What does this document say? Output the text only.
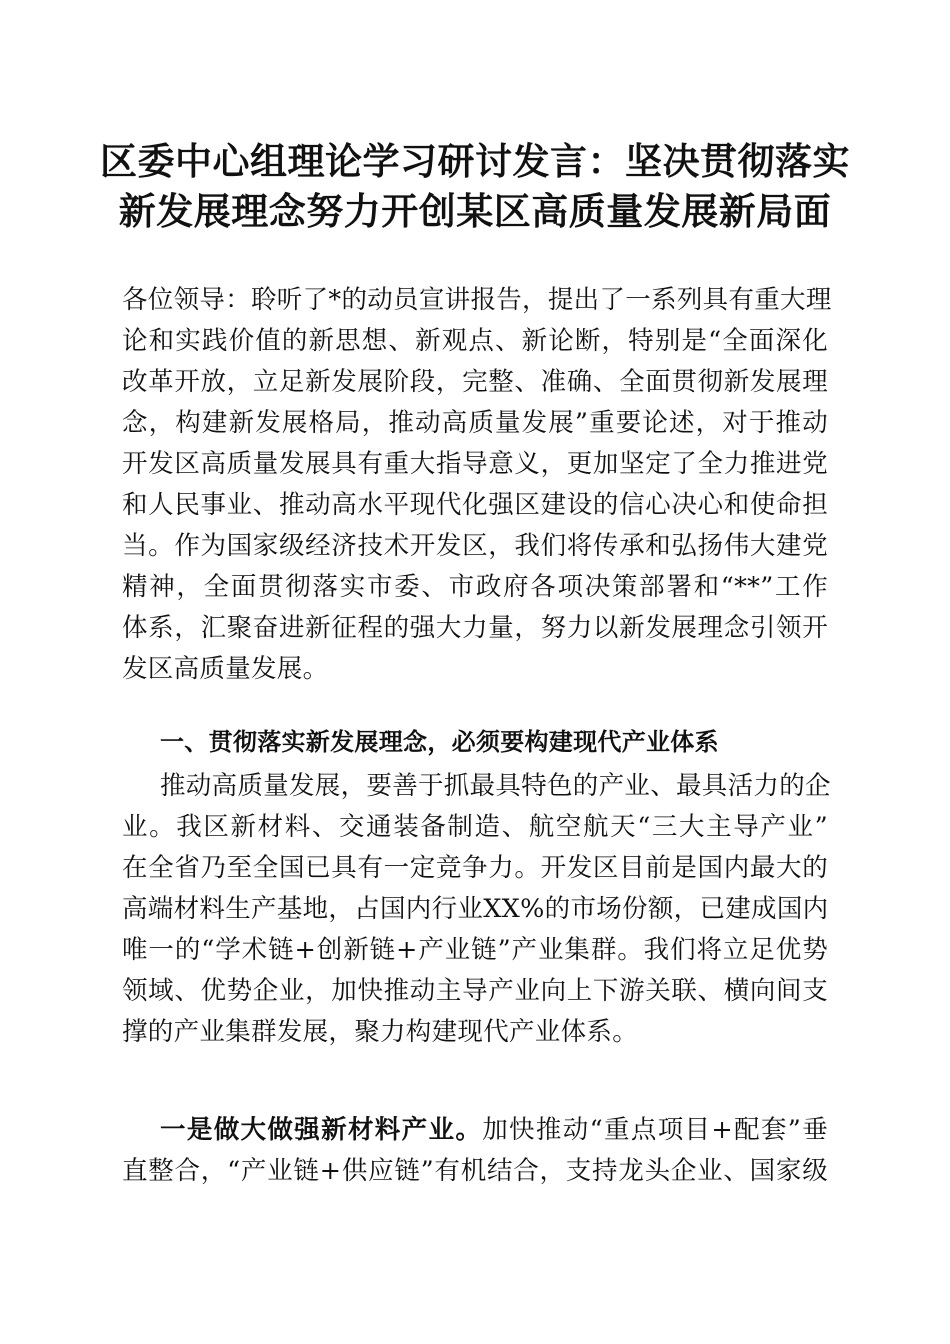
区委中心组理论学习研讨发言：坚决贯彻落实
新发展理念努力开创某区高质量发展新局面
各位领导：聆听了*的动员宣讲报告，提出了一系列具有重大理
论和实践价值的新思想、新观点、新论断，特别是“全面深化
改革开放，立足新发展阶段，完整、准确、全面贯彻新发展理
念，构建新发展格局，推动高质量发展”重要论述，对于推动
开发区高质量发展具有重大指导意义，更加坚定了全力推进党
和人民事业、推动高水平现代化强区建设的信心决心和使命担
当。作为国家级经济技术开发区，我们将传承和弘扬伟大建党
精神，全面贯彻落实市委、市政府各项决策部署和“**”工作
体系，汇聚奋进新征程的强大力量，努力以新发展理念引领开
发区高质量发展。
一、贯彻落实新发展理念，必须要构建现代产业体系
推动高质量发展，要善于抓最具特色的产业、最具活力的企
业。我区新材料、交通装备制造、航空航天“三大主导产业”
在全省乃至全国已具有一定竞争力。开发区目前是国内最大的
高端材料生产基地，占国内行业XX%的市场份额，已建成国内
唯一的“学术链+创新链+产业链”产业集群。我们将立足优势
领域、优势企业，加快推动主导产业向上下游关联、横向间支
撑的产业集群发展，聚力构建现代产业体系。
一是做大做强新材料产业。加快推动“重点项目+配套”垂
直整合，“产业链+供应链”有机结合，支持龙头企业、国家级
